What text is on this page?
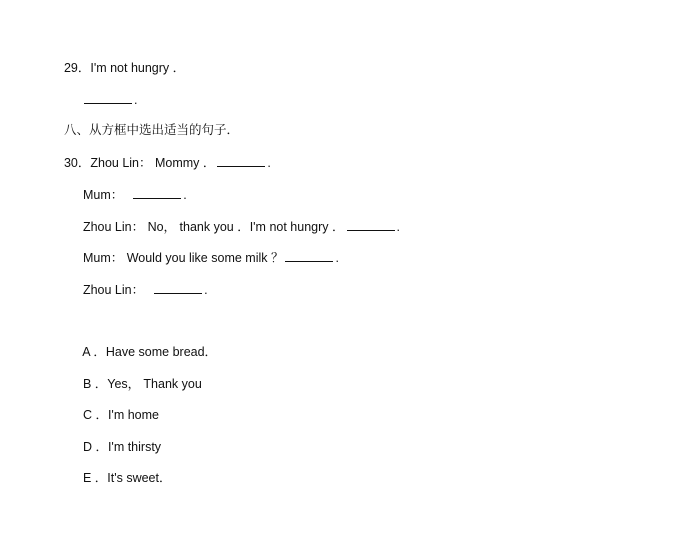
29．I'm not hungry ．

.

八、从方框中选出适当的句子．

30．Zhou Lin： Mommy ．	.

Mum：	.

Zhou Lin： No， thank you ．I'm not hungry ．	.

Mum： Would you like some milk ？	.

Zhou Lin：	.

A ．Have some bread．

B ．Yes， Thank you

C ．I'm home

D ．I'm thirsty

E ．It's sweet．
